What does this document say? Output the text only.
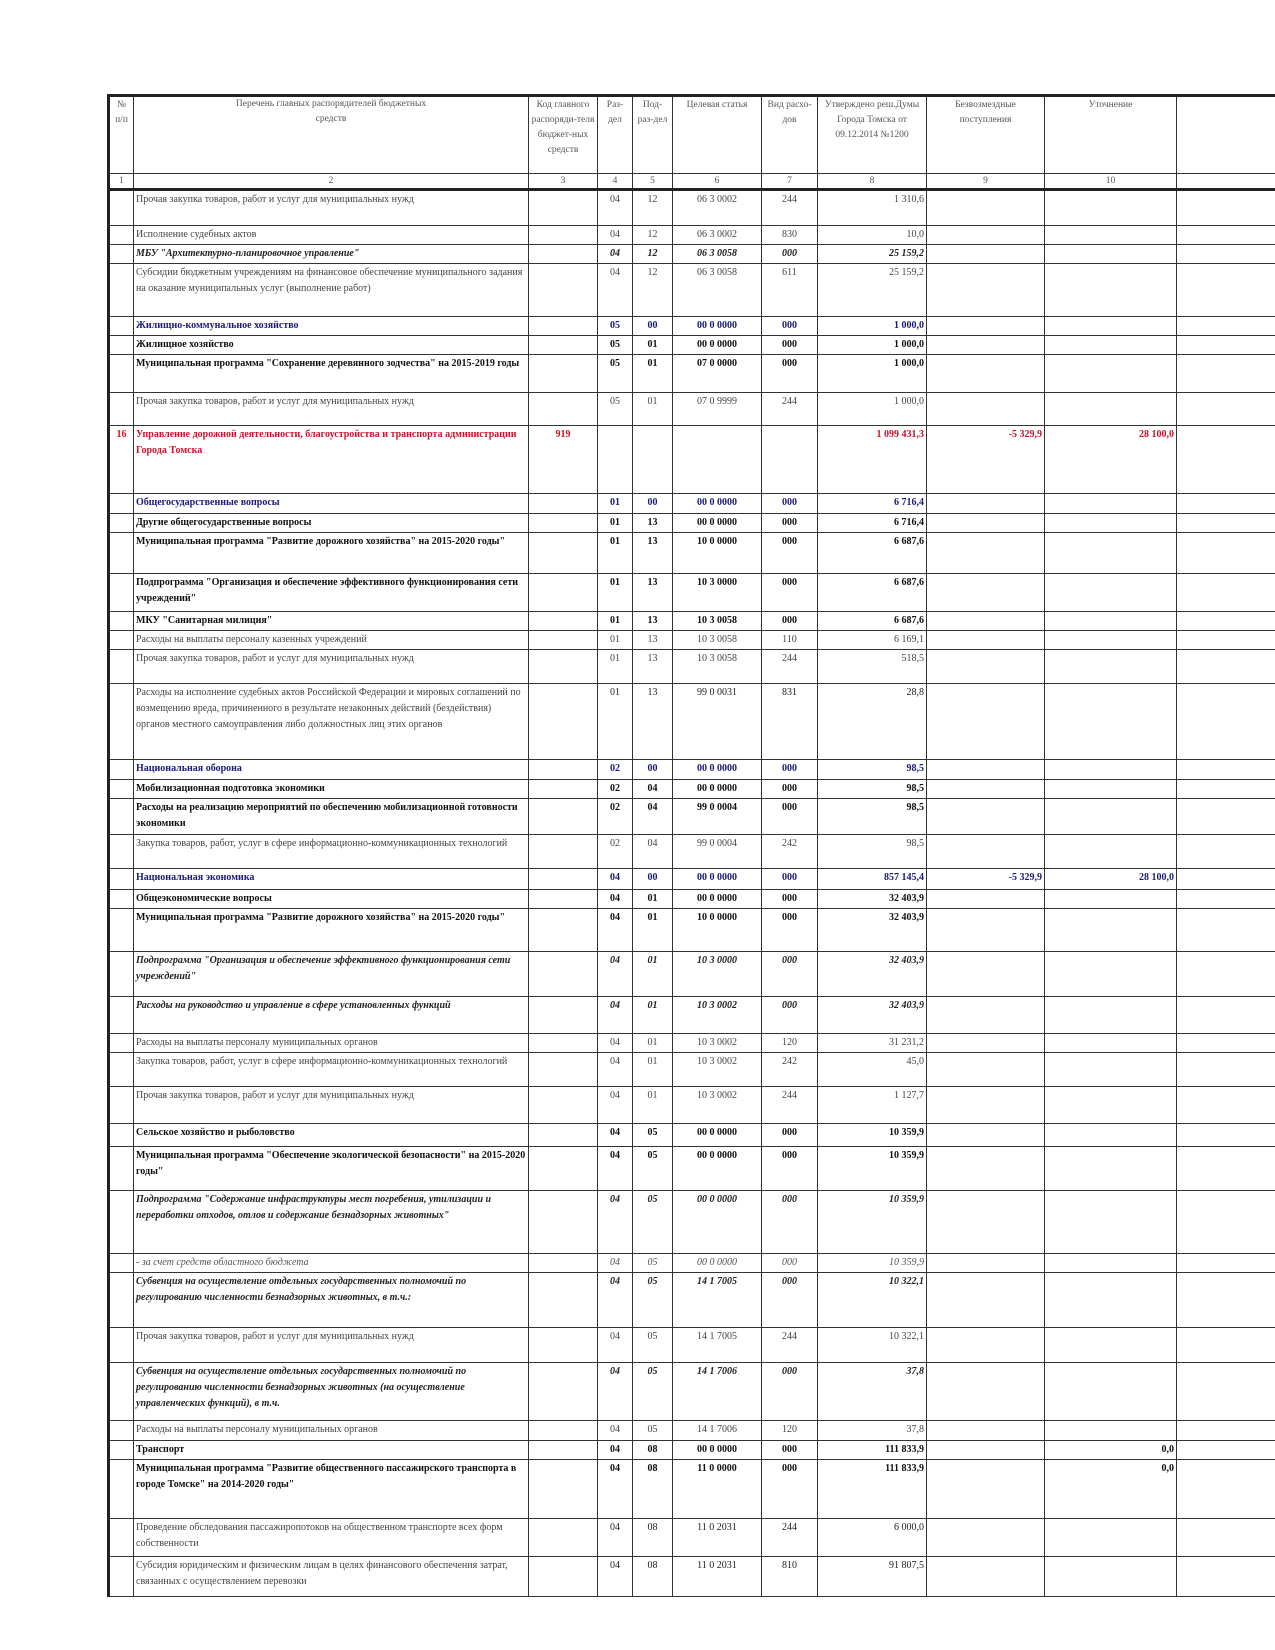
№ п/п	Перечень главных распорядителей бюджетных средств	Код главного распоряди-теля бюджет-ных средств	Раз-дел	Под-раз-дел	Целевая статья	Вид расхо-дов	Утверждено реш.Думы Города Томска от 09.12.2014 №1200	Безвозмездные поступления	Уточнение	
1	2	3	4	5	6	7	8	9	10	
	Прочая закупка товаров, работ и услуг для муниципальных нужд		04	12	06 3 0002	244	1 310,6			
	Исполнение судебных актов		04	12	06 3 0002	830	10,0			
	МБУ "Архитектурно-планировочное управление"		04	12	06 3 0058	000	25 159,2			
	Субсидии бюджетным учреждениям на финансовое обеспечение муниципального задания на оказание муниципальных услуг (выполнение работ)		04	12	06 3 0058	611	25 159,2			
	Жилищно-коммунальное хозяйство		05	00	00 0 0000	000	1 000,0			
	Жилищное хозяйство		05	01	00 0 0000	000	1 000,0			
	Муниципальная программа "Сохранение деревянного зодчества" на 2015-2019 годы		05	01	07 0 0000	000	1 000,0			
	Прочая закупка товаров, работ и услуг для муниципальных нужд		05	01	07 0 9999	244	1 000,0			
16	Управление дорожной деятельности, благоустройства и транспорта администрации Города Томска	919					1 099 431,3	-5 329,9	28 100,0	
	Общегосударственные вопросы		01	00	00 0 0000	000	6 716,4			
	Другие общегосударственные вопросы		01	13	00 0 0000	000	6 716,4			
	Муниципальная программа "Развитие дорожного хозяйства" на 2015-2020 годы"		01	13	10 0 0000	000	6 687,6			
	Подпрограмма "Организация и обеспечение эффективного функционирования сети учреждений"		01	13	10 3 0000	000	6 687,6			
	МКУ "Санитарная милиция"		01	13	10 3 0058	000	6 687,6			
	Расходы на выплаты персоналу казенных учреждений		01	13	10 3 0058	110	6 169,1			
	Прочая закупка товаров, работ и услуг для муниципальных нужд		01	13	10 3 0058	244	518,5			
	Расходы на исполнение судебных актов Российской Федерации и мировых соглашений по возмещению вреда, причиненного в результате незаконных действий (бездействия) органов местного самоуправления либо должностных лиц этих органов		01	13	99 0 0031	831	28,8			
	Национальная оборона		02	00	00 0 0000	000	98,5			
	Мобилизационная подготовка экономики		02	04	00 0 0000	000	98,5			
	Расходы на реализацию мероприятий по обеспечению мобилизационной готовности экономики		02	04	99 0 0004	000	98,5			
	Закупка товаров, работ, услуг в сфере информационно-коммуникационных технологий		02	04	99 0 0004	242	98,5			
	Национальная экономика		04	00	00 0 0000	000	857 145,4	-5 329,9	28 100,0	
	Общеэкономические вопросы		04	01	00 0 0000	000	32 403,9			
	Муниципальная программа "Развитие дорожного хозяйства" на 2015-2020 годы"		04	01	10 0 0000	000	32 403,9			
	Подпрограмма "Организация и обеспечение эффективного функционирования сети учреждений"		04	01	10 3 0000	000	32 403,9			
	Расходы на руководство и управление в сфере установленных функций		04	01	10 3 0002	000	32 403,9			
	Расходы на выплаты персоналу муниципальных органов		04	01	10 3 0002	120	31 231,2			
	Закупка товаров, работ, услуг в сфере информационно-коммуникационных технологий		04	01	10 3 0002	242	45,0			
	Прочая закупка товаров, работ и услуг для муниципальных нужд		04	01	10 3 0002	244	1 127,7			
	Сельское хозяйство и рыболовство		04	05	00 0 0000	000	10 359,9			
	Муниципальная программа "Обеспечение экологической безопасности" на 2015-2020 годы"		04	05	00 0 0000	000	10 359,9			
	Подпрограмма "Содержание инфраструктуры мест погребения, утилизации и переработки отходов, отлов и содержание безнадзорных животных"		04	05	00 0 0000	000	10 359,9			
	- за счет средств областного бюджета		04	05	00 0 0000	000	10 359,9			
	Субвенция на осуществление отдельных государственных полномочий по регулированию численности безнадзорных животных, в т.ч.:		04	05	14 1 7005	000	10 322,1			
	Прочая закупка товаров, работ и услуг для муниципальных нужд		04	05	14 1 7005	244	10 322,1			
	Субвенция на осуществление отдельных государственных полномочий по регулированию численности безнадзорных животных (на осуществление управленческих функций), в т.ч.		04	05	14 1 7006	000	37,8			
	Расходы на выплаты персоналу муниципальных органов		04	05	14 1 7006	120	37,8			
	Транспорт		04	08	00 0 0000	000	111 833,9		0,0	
	Муниципальная программа "Развитие общественного пассажирского транспорта в городе Томске" на 2014-2020 годы"		04	08	11 0 0000	000	111 833,9		0,0	
	Проведение обследования пассажиропотоков на общественном транспорте всех форм собственности		04	08	11 0 2031	244	6 000,0			
	Субсидия юридическим и физическим лицам в целях финансового обеспечения затрат, связанных с осуществлением перевозки		04	08	11 0 2031	810	91 807,5			
